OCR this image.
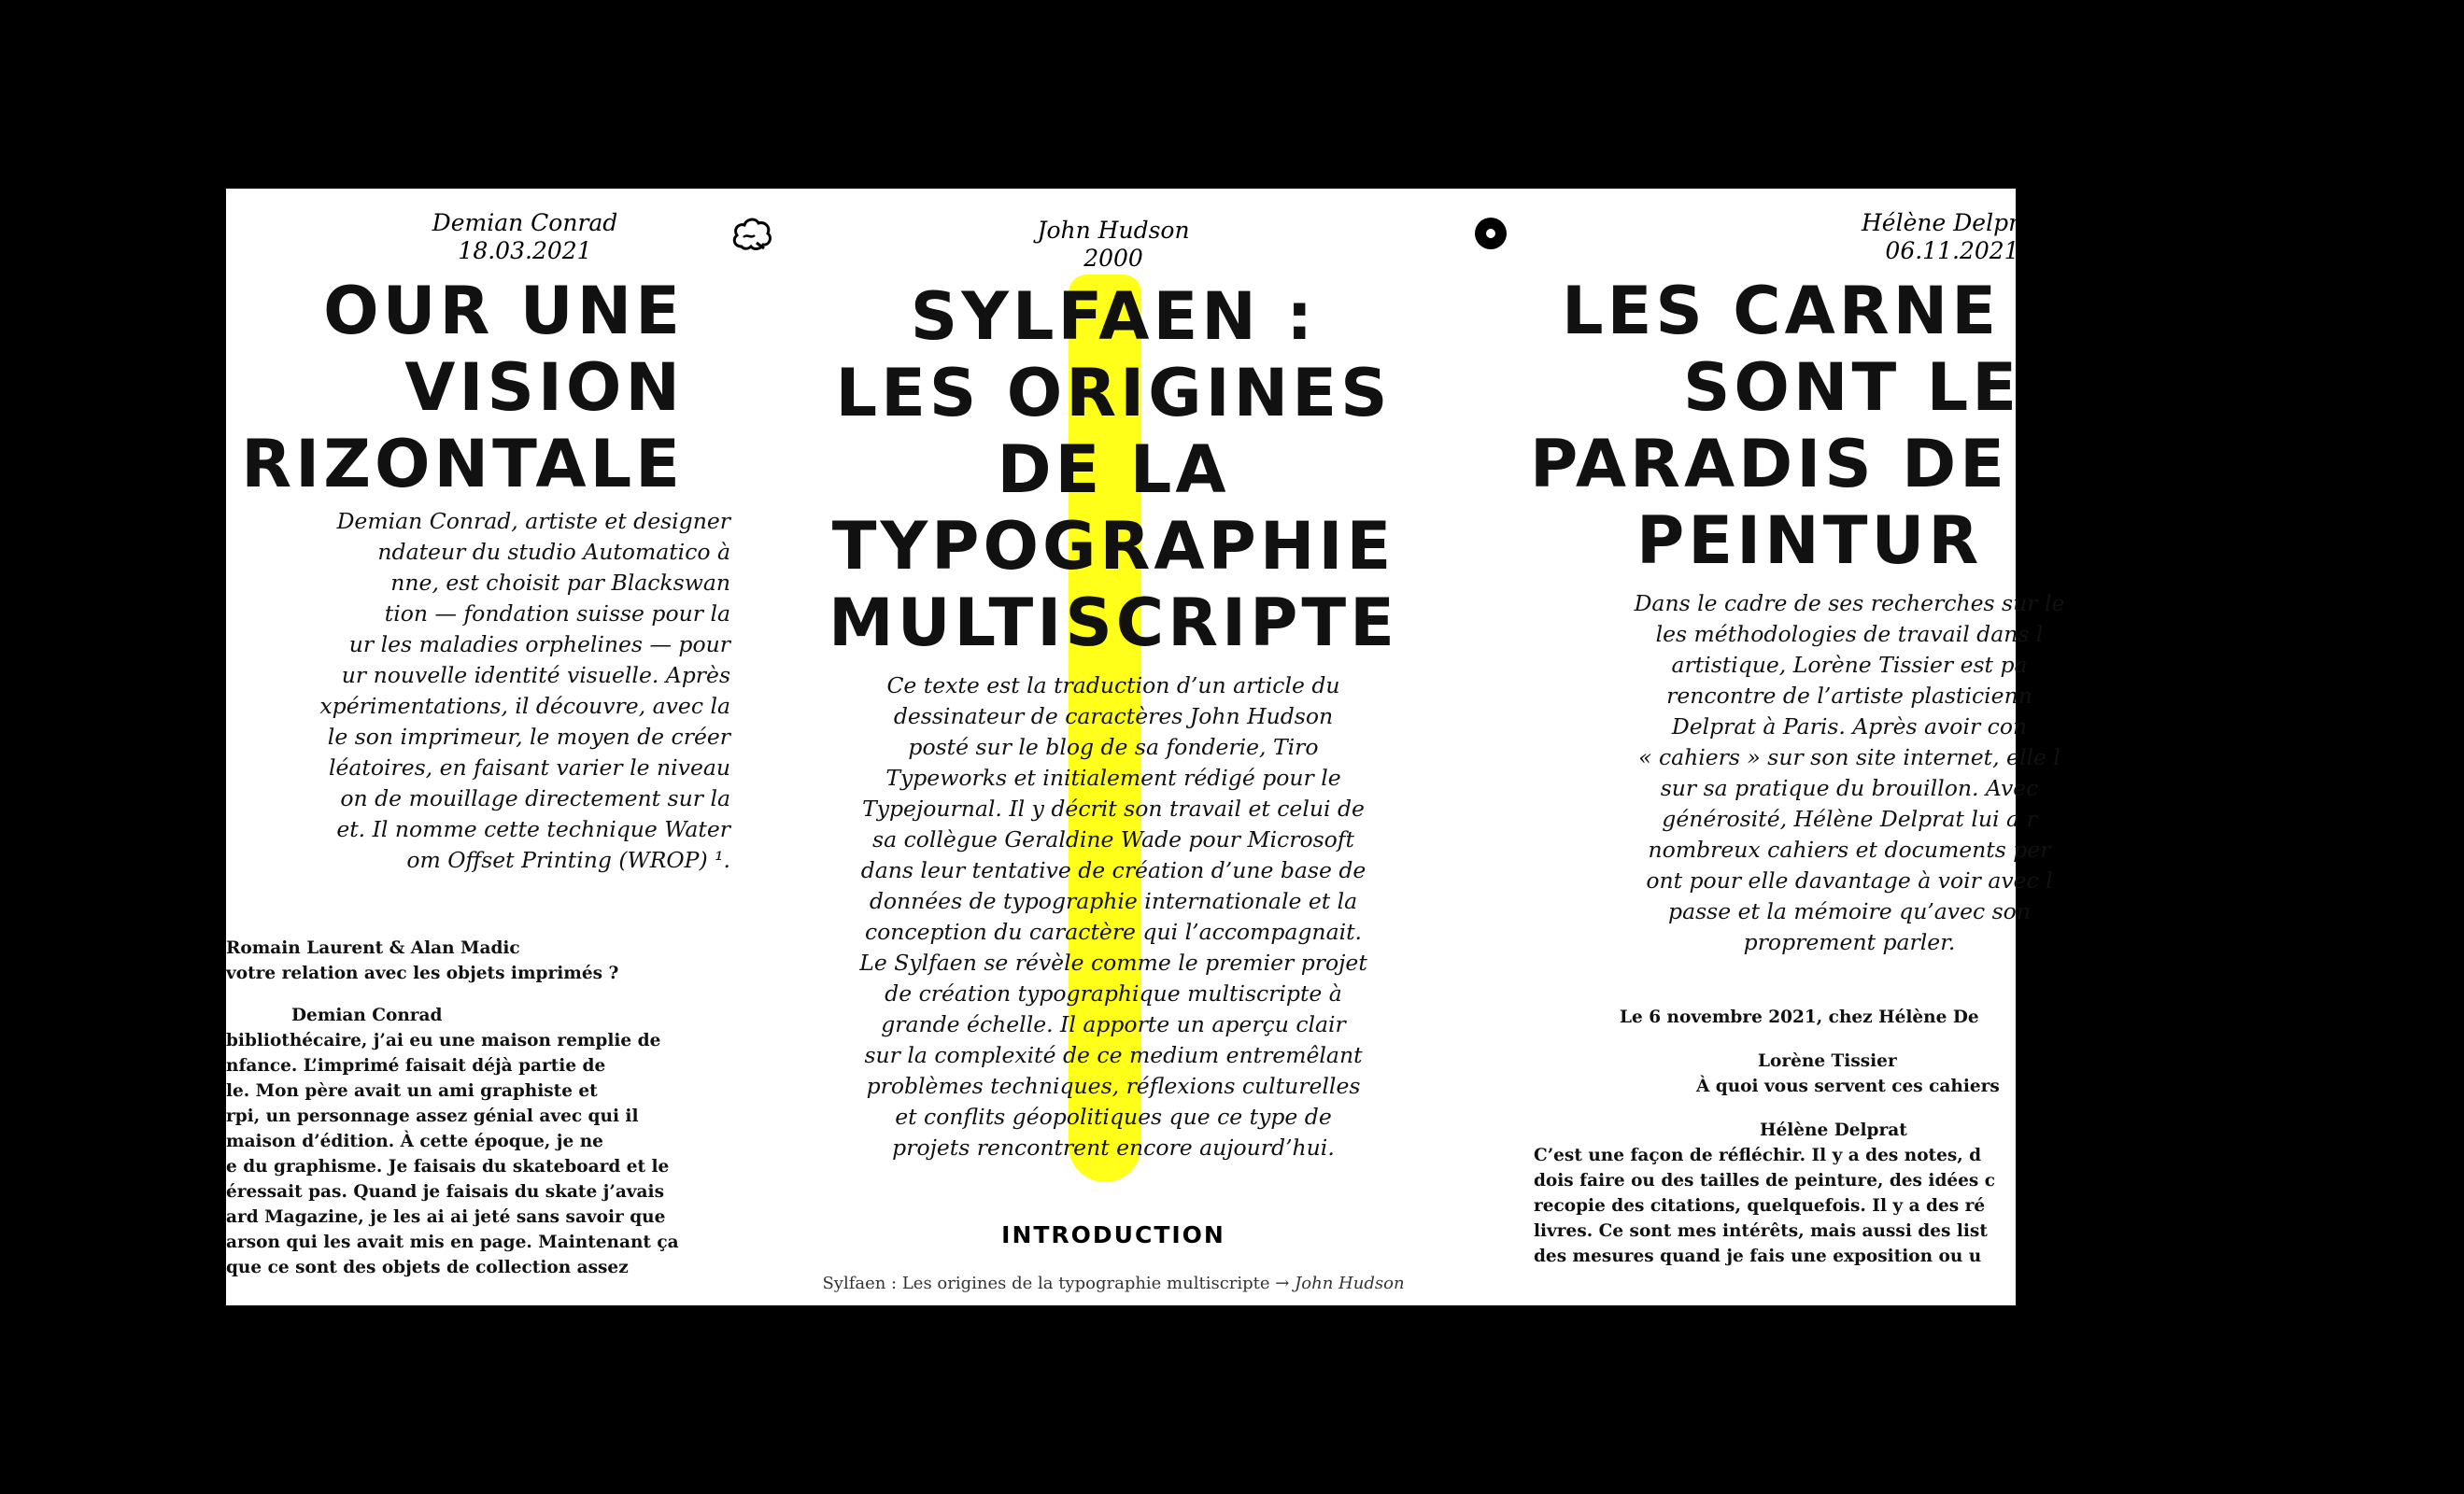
Demian Conrad
18.03.2021
OUR UNE
VISION
RIZONTALE
Demian Conrad, artiste et designer
ndateur du studio Automatico à
nne, est choisit par Blackswan
tion — fondation suisse pour la
ur les maladies orphelines — pour
ur nouvelle identité visuelle. Après
xpérimentations, il découvre, avec la
le son imprimeur, le moyen de créer
léatoires, en faisant varier le niveau
on de mouillage directement sur la
et. Il nomme cette technique Water
om Offset Printing (WROP) ¹.
Romain Laurent & Alan Madic
votre relation avec les objets imprimés ?
Demian Conrad
bibliothécaire, j’ai eu une maison remplie de
nfance. L’imprimé faisait déjà partie de
le. Mon père avait un ami graphiste et
rpi, un personnage assez génial avec qui il
maison d’édition. À cette époque, je ne
e du graphisme. Je faisais du skateboard et le
éressait pas. Quand je faisais du skate j’avais
ard Magazine, je les ai ai jeté sans savoir que
arson qui les avait mis en page. Maintenant ça
que ce sont des objets de collection assez
John Hudson
2000
SYLFAEN :
LES ORIGINES
DE LA
TYPOGRAPHIE
MULTISCRIPTE
Ce texte est la traduction d’un article du
dessinateur de caractères John Hudson
posté sur le blog de sa fonderie, Tiro
Typeworks et initialement rédigé pour le
Typejournal. Il y décrit son travail et celui de
sa collègue Geraldine Wade pour Microsoft
dans leur tentative de création d’une base de
données de typographie internationale et la
conception du caractère qui l’accompagnait.
Le Sylfaen se révèle comme le premier projet
de création typographique multiscripte à
grande échelle. Il apporte un aperçu clair
sur la complexité de ce medium entremêlant
problèmes techniques, réflexions culturelles
et conflits géopolitiques que ce type de
projets rencontrent encore aujourd’hui.
INTRODUCTION
Sylfaen : Les origines de la typographie multiscripte → John Hudson
Hélène Delprat
06.11.2021
LES CARNE
SONT LE
PARADIS DE
PEINTUR
Dans le cadre de ses recherches sur le
les méthodologies de travail dans l
artistique, Lorène Tissier est pa
rencontre de l’artiste plasticienn
Delprat à Paris. Après avoir con
« cahiers » sur son site internet, elle l
sur sa pratique du brouillon. Avec
générosité, Hélène Delprat lui a r
nombreux cahiers et documents per
ont pour elle davantage à voir avec l
passe et la mémoire qu’avec son
proprement parler.
Le 6 novembre 2021, chez Hélène De
Lorène Tissier
À quoi vous servent ces cahiers
Hélène Delprat
C’est une façon de réfléchir. Il y a des notes, d
dois faire ou des tailles de peinture, des idées c
recopie des citations, quelquefois. Il y a des ré
livres. Ce sont mes intérêts, mais aussi des list
des mesures quand je fais une exposition ou u
